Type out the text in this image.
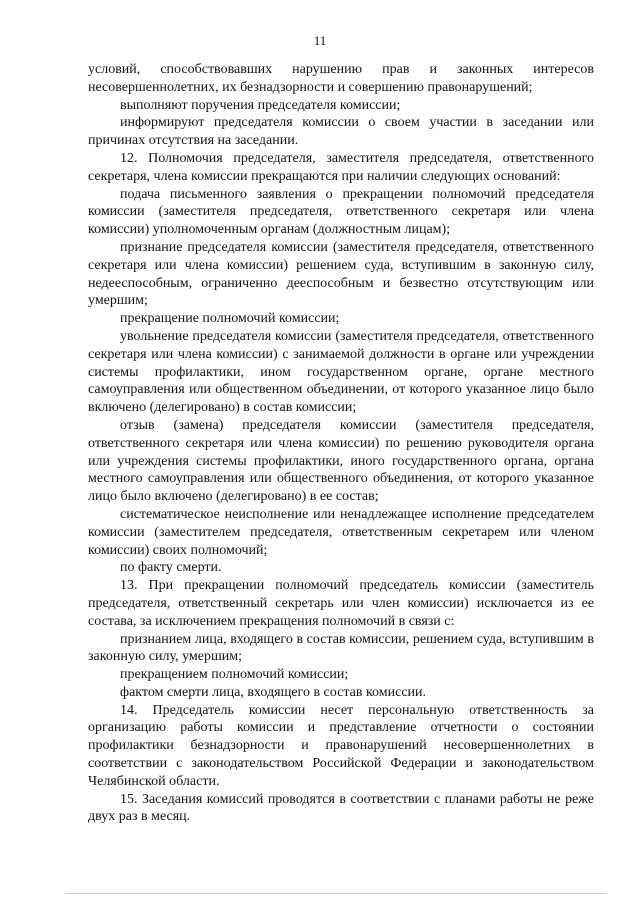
11

условий, способствовавших нарушению прав и законных интересов несовершеннолетних, их безнадзорности и совершению правонарушений;

выполняют поручения председателя комиссии;

информируют председателя комиссии о своем участии в заседании или причинах отсутствия на заседании.

12. Полномочия председателя, заместителя председателя, ответственного секретаря, члена комиссии прекращаются при наличии следующих оснований:

подача письменного заявления о прекращении полномочий председателя комиссии (заместителя председателя, ответственного секретаря или члена комиссии) уполномоченным органам (должностным лицам);

признание председателя комиссии (заместителя председателя, ответственного секретаря или члена комиссии) решением суда, вступившим в законную силу, недееспособным, ограниченно дееспособным и безвестно отсутствующим или умершим;

прекращение полномочий комиссии;

увольнение председателя комиссии (заместителя председателя, ответственного секретаря или члена комиссии) с занимаемой должности в органе или учреждении системы профилактики, ином государственном органе, органе местного самоуправления или общественном объединении, от которого указанное лицо было включено (делегировано) в состав комиссии;

отзыв (замена) председателя комиссии (заместителя председателя, ответственного секретаря или члена комиссии) по решению руководителя органа или учреждения системы профилактики, иного государственного органа, органа местного самоуправления или общественного объединения, от которого указанное лицо было включено (делегировано) в ее состав;

систематическое неисполнение или ненадлежащее исполнение председателем комиссии (заместителем председателя, ответственным секретарем или членом комиссии) своих полномочий;

по факту смерти.

13. При прекращении полномочий председатель комиссии (заместитель председателя, ответственный секретарь или член комиссии) исключается из ее состава, за исключением прекращения полномочий в связи с:

признанием лица, входящего в состав комиссии, решением суда, вступившим в законную силу, умершим;

прекращением полномочий комиссии;

фактом смерти лица, входящего в состав комиссии.

14. Председатель комиссии несет персональную ответственность за организацию работы комиссии и представление отчетности о состоянии профилактики безнадзорности и правонарушений несовершеннолетних в соответствии с законодательством Российской Федерации и законодательством Челябинской области.

15. Заседания комиссий проводятся в соответствии с планами работы не реже двух раз в месяц.
